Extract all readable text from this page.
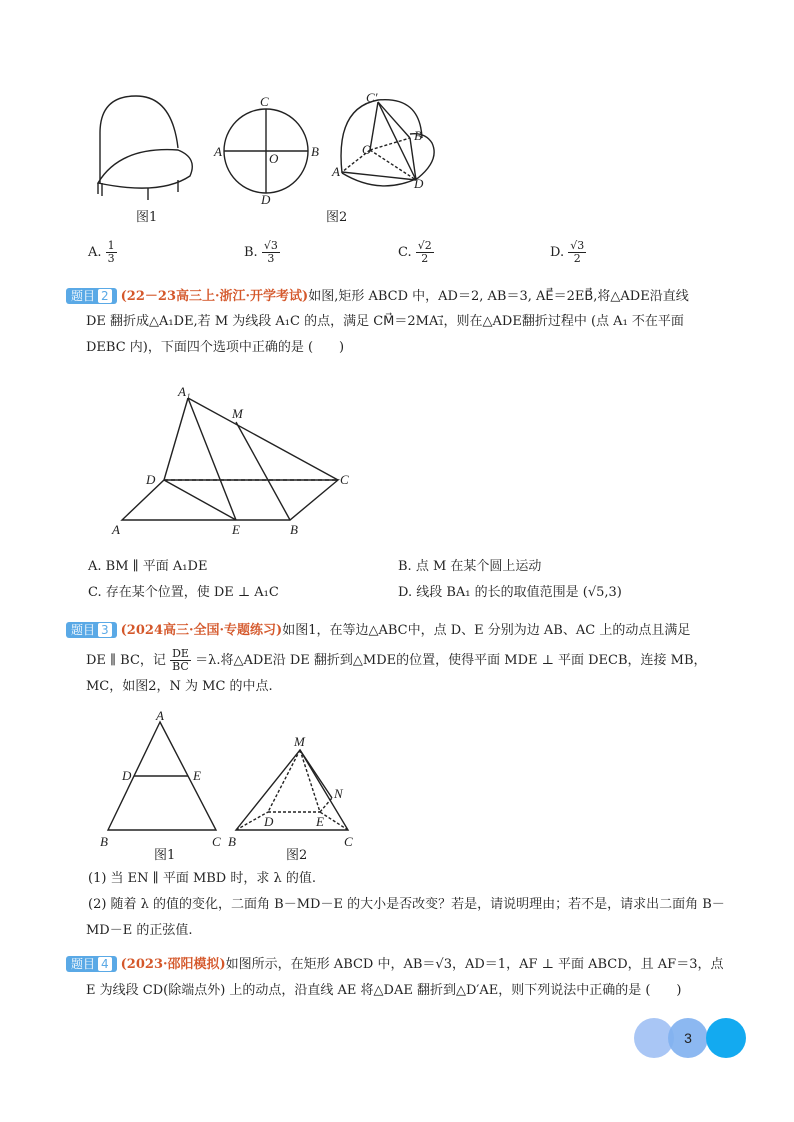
C
A	O	B
D
C′
O
A
B
D
图1	图2
A. $\frac{1}{3}$	B. $\frac{√3}{3}$	C. $\frac{√2}{2}$	D. $\frac{√3}{2}$
题目 2 (22－23高三上·浙江·开学考试)如图,矩形 ABCD 中，AD＝2, AB＝3, AE⃗＝2EB⃗,将△ADE沿直线
DE 翻折成△A₁DE,若 M 为线段 A₁C 的点，满足 CM⃗＝2MA₁⃗，则在△ADE翻折过程中 (点 A₁ 不在平面
DEBC 内)，下面四个选项中正确的是 (　　)
A₁
M
D	C
A	E	B
A. BM ∥ 平面 A₁DE	B. 点 M 在某个圆上运动
C. 存在某个位置，使 DE ⊥ A₁C	D. 线段 BA₁ 的长的取值范围是 (√5,3)
题目 3 (2024高三·全国·专题练习)如图1，在等边△ABC中，点 D、E 分别为边 AB、AC 上的动点且满足
DE ∥ BC，记 $\frac{DE}{BC} =\lambda$.将△ADE沿 DE 翻折到△MDE的位置，使得平面 MDE ⊥ 平面 DECB，连接 MB，
MC，如图2，N 为 MC 的中点.
A
D	E
B	C
M
N
D	E
B	C
图1	图2
(1) 当 EN ∥ 平面 MBD 时，求 λ 的值.
(2) 随着 λ 的值的变化，二面角 B－MD－E 的大小是否改变？若是，请说明理由；若不是，请求出二面角 B－
MD－E 的正弦值.
题目 4 (2023·邵阳模拟)如图所示，在矩形 ABCD 中，AB＝√3，AD＝1，AF ⊥ 平面 ABCD，且 AF＝3，点
E 为线段 CD(除端点外) 上的动点，沿直线 AE 将△DAE 翻折到△D′AE，则下列说法中正确的是 (　　)
3
